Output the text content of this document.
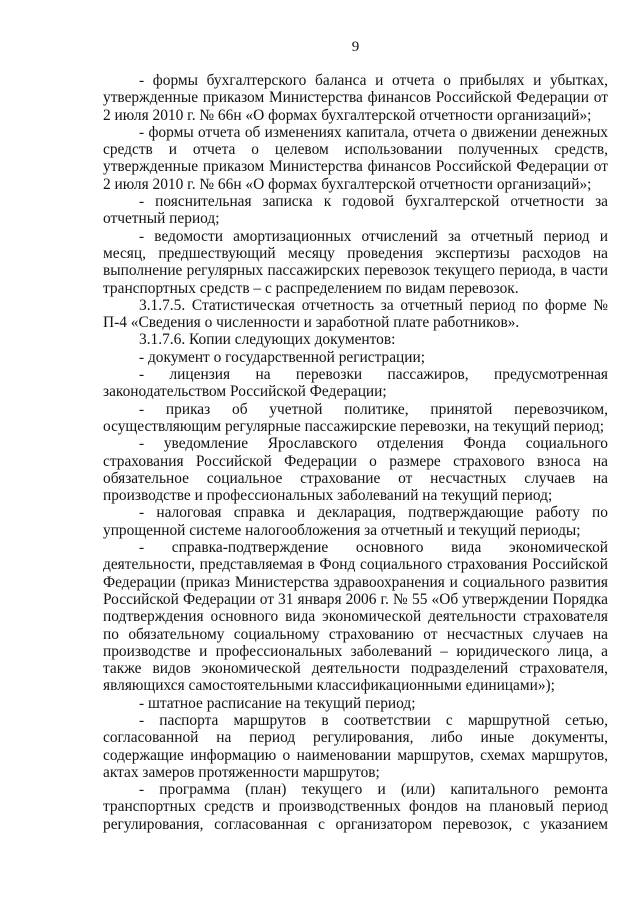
9

- формы бухгалтерского баланса и отчета о прибылях и убытках, утвержденные приказом Министерства финансов Российской Федерации от 2 июля 2010 г. № 66н «О формах бухгалтерской отчетности организаций»;

- формы отчета об изменениях капитала, отчета о движении денежных средств и отчета о целевом использовании полученных средств, утвержденные приказом Министерства финансов Российской Федерации от 2 июля 2010 г. № 66н «О формах бухгалтерской отчетности организаций»;

- пояснительная записка к годовой бухгалтерской отчетности за отчетный период;

- ведомости амортизационных отчислений за отчетный период и месяц, предшествующий месяцу проведения экспертизы расходов на выполнение регулярных пассажирских перевозок текущего периода, в части транспортных средств – с распределением по видам перевозок.

3.1.7.5. Статистическая отчетность за отчетный период по форме № П-4 «Сведения о численности и заработной плате работников».

3.1.7.6. Копии следующих документов:

- документ о государственной регистрации;

- лицензия на перевозки пассажиров, предусмотренная законодательством Российской Федерации;

- приказ об учетной политике, принятой перевозчиком, осуществляющим регулярные пассажирские перевозки, на текущий период;

- уведомление Ярославского отделения Фонда социального страхования Российской Федерации о размере страхового взноса на обязательное социальное страхование от несчастных случаев на производстве и профессиональных заболеваний на текущий период;

- налоговая справка и декларация, подтверждающие работу по упрощенной системе налогообложения за отчетный и текущий периоды;

- справка-подтверждение основного вида экономической деятельности, представляемая в Фонд социального страхования Российской Федерации (приказ Министерства здравоохранения и социального развития Российской Федерации от 31 января 2006 г. № 55 «Об утверждении Порядка подтверждения основного вида экономической деятельности страхователя по обязательному социальному страхованию от несчастных случаев на производстве и профессиональных заболеваний – юридического лица, а также видов экономической деятельности подразделений страхователя, являющихся самостоятельными классификационными единицами»);

- штатное расписание на текущий период;

- паспорта маршрутов в соответствии с маршрутной сетью, согласованной на период регулирования, либо иные документы, содержащие информацию о наименовании маршрутов, схемах маршрутов, актах замеров протяженности маршрутов;

- программа (план) текущего и (или) капитального ремонта транспортных средств и производственных фондов на плановый период регулирования, согласованная с организатором перевозок, с указанием
